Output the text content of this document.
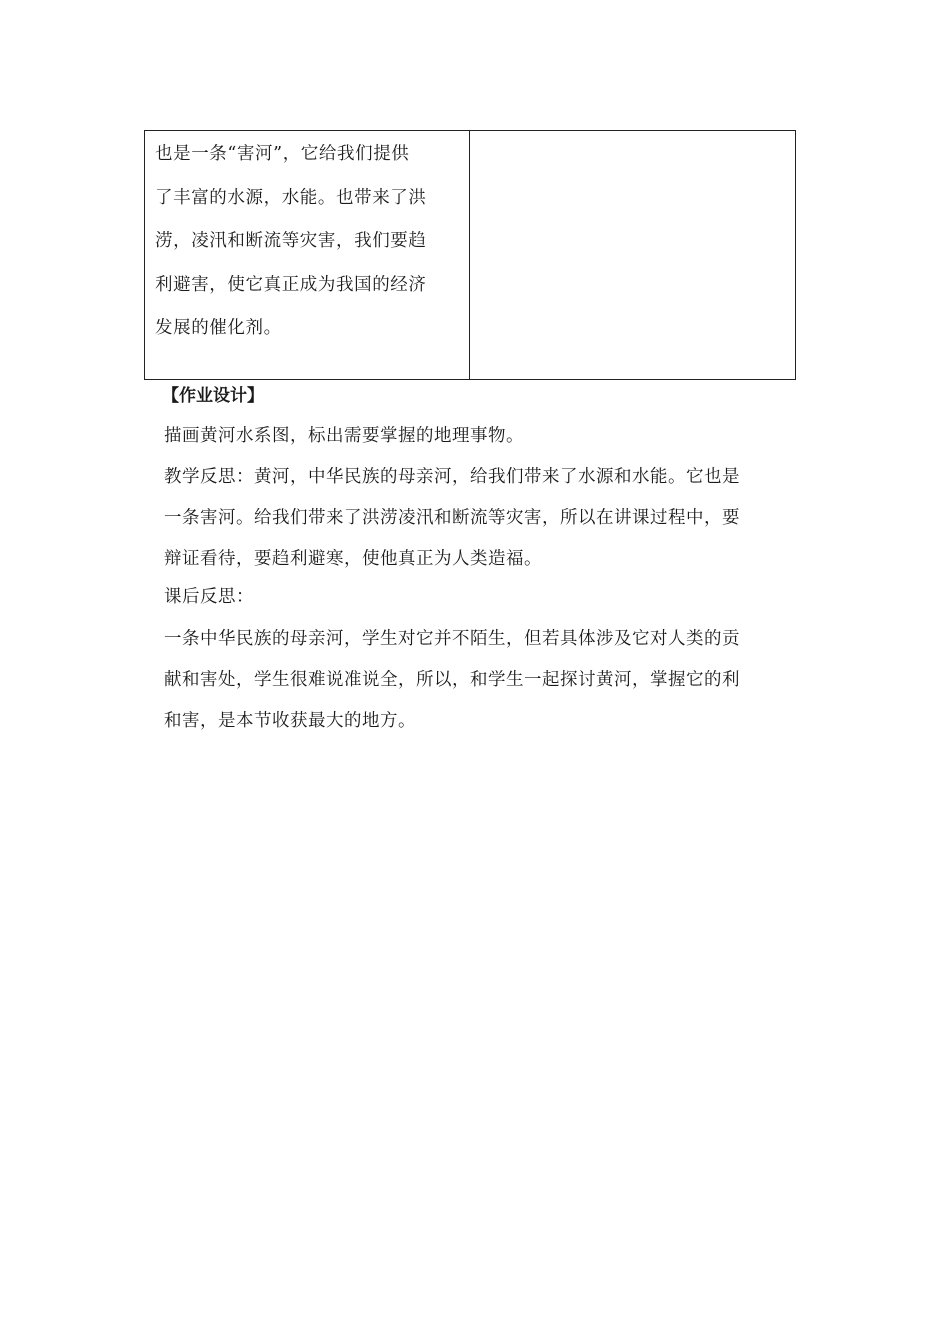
也是一条“害河”，它给我们提供
了丰富的水源，水能。也带来了洪
涝，凌汛和断流等灾害，我们要趋
利避害，使它真正成为我国的经济
发展的催化剂。
【作业设计】
描画黄河水系图，标出需要掌握的地理事物。
教学反思：黄河，中华民族的母亲河，给我们带来了水源和水能。它也是
一条害河。给我们带来了洪涝凌汛和断流等灾害，所以在讲课过程中，要
辩证看待，要趋利避寒，使他真正为人类造福。
课后反思：
一条中华民族的母亲河，学生对它并不陌生，但若具体涉及它对人类的贡
献和害处，学生很难说准说全，所以，和学生一起探讨黄河，掌握它的利
和害，是本节收获最大的地方。
